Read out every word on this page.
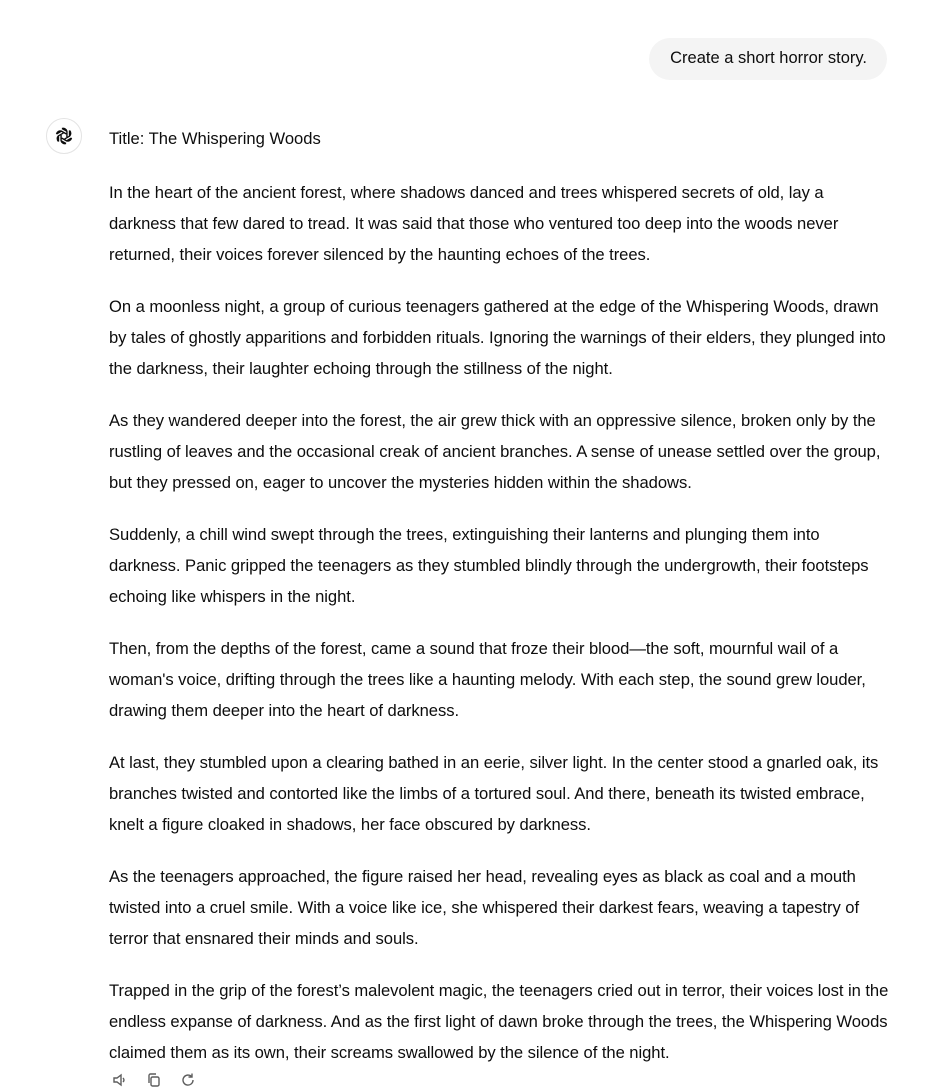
Create a short horror story.

Title: The Whispering Woods

In the heart of the ancient forest, where shadows danced and trees whispered secrets of old, lay a darkness that few dared to tread. It was said that those who ventured too deep into the woods never returned, their voices forever silenced by the haunting echoes of the trees.

On a moonless night, a group of curious teenagers gathered at the edge of the Whispering Woods, drawn by tales of ghostly apparitions and forbidden rituals. Ignoring the warnings of their elders, they plunged into the darkness, their laughter echoing through the stillness of the night.

As they wandered deeper into the forest, the air grew thick with an oppressive silence, broken only by the rustling of leaves and the occasional creak of ancient branches. A sense of unease settled over the group, but they pressed on, eager to uncover the mysteries hidden within the shadows.

Suddenly, a chill wind swept through the trees, extinguishing their lanterns and plunging them into darkness. Panic gripped the teenagers as they stumbled blindly through the undergrowth, their footsteps echoing like whispers in the night.

Then, from the depths of the forest, came a sound that froze their blood—the soft, mournful wail of a woman's voice, drifting through the trees like a haunting melody. With each step, the sound grew louder, drawing them deeper into the heart of darkness.

At last, they stumbled upon a clearing bathed in an eerie, silver light. In the center stood a gnarled oak, its branches twisted and contorted like the limbs of a tortured soul. And there, beneath its twisted embrace, knelt a figure cloaked in shadows, her face obscured by darkness.

As the teenagers approached, the figure raised her head, revealing eyes as black as coal and a mouth twisted into a cruel smile. With a voice like ice, she whispered their darkest fears, weaving a tapestry of terror that ensnared their minds and souls.

Trapped in the grip of the forest’s malevolent magic, the teenagers cried out in terror, their voices lost in the endless expanse of darkness. And as the first light of dawn broke through the trees, the Whispering Woods claimed them as its own, their screams swallowed by the silence of the night.
